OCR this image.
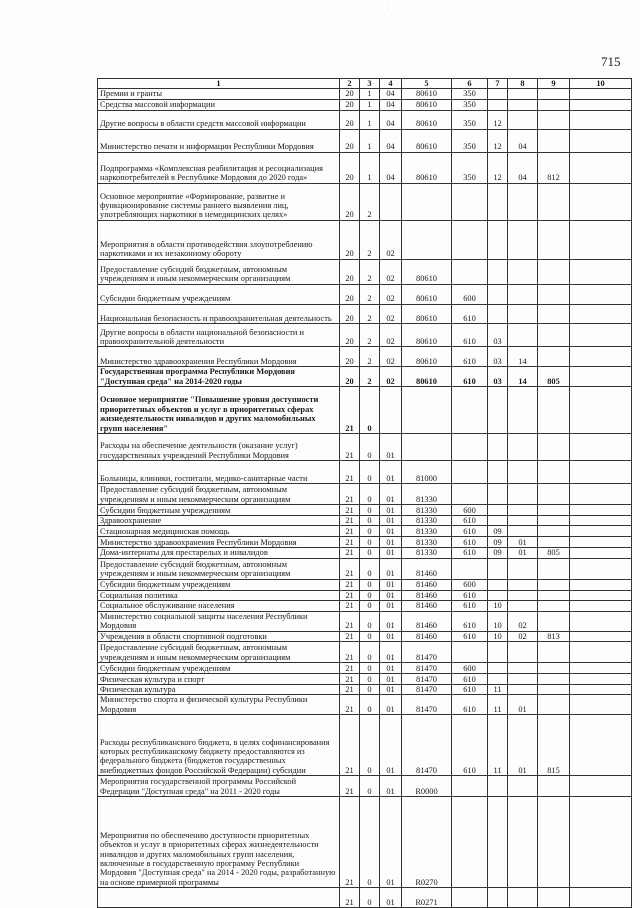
· · ·
715
1	2	3	4	5	6	7	8	9	10	
Премии и гранты	20	1	04	80610	350					
Средства массовой информации	20	1	04	80610	350					
Другие вопросы в области средств массовой информации	20	1	04	80610	350	12				
Министерство печати и информации Республики Мордовия	20	1	04	80610	350	12	04			
Подпрограмма «Комплексная реабилитация и ресоциализация наркопотребителей в Республике Мордовия до 2020 года»	20	1	04	80610	350	12	04	812		
Основное мероприятие «Формирование, развитие и функционирование системы раннего выявления лиц, употребляющих наркотики в немедицинских целях»	20	2								
Мероприятия в области противодействия злоупотреблению наркотиками и их незаконному обороту	20	2	02							
Предоставление субсидий бюджетным, автономным учреждениям и иным некоммерческим организациям	20	2	02	80610						
Субсидии бюджетным учреждениям	20	2	02	80610	600					
Национальная безопасность и правоохранительная деятельность	20	2	02	80610	610					
Другие вопросы в области национальной безопасности и правоохранительной деятельности	20	2	02	80610	610	03				
Министерство здравоохранения Республики Мордовия	20	2	02	80610	610	03	14			
Государственная программа Республики Мордовия "Доступная среда" на 2014-2020 годы	20	2	02	80610	610	03	14	805		
Основное мероприятие "Повышение уровня доступности приоритетных объектов и услуг в приоритетных сферах жизнедеятельности инвалидов и других маломобильных групп населения"	21	0								
Расходы на обеспечение деятельности (оказание услуг) государственных учреждений Республики Мордовия	21	0	01							
Больницы, клиники, госпитали, медико-санитарные части	21	0	01	81000						
Предоставление субсидий бюджетным, автономным учреждениям и иным некоммерческим организациям	21	0	01	81330						
Субсидии бюджетным учреждениям	21	0	01	81330	600					
Здравоохранение	21	0	01	81330	610					
Стационарная медицинская помощь	21	0	01	81330	610	09				
Министерство здравоохранения Республики Мордовия	21	0	01	81330	610	09	01			
Дома-интернаты для престарелых и инвалидов	21	0	01	81330	610	09	01	805		
Предоставление субсидий бюджетным, автономным учреждениям и иным некоммерческим организациям	21	0	01	81460						
Субсидии бюджетным учреждениям	21	0	01	81460	600					
Социальная политика	21	0	01	81460	610					
Социальное обслуживание населения	21	0	01	81460	610	10				
Министерство социальной защиты населения Республики Мордовия	21	0	01	81460	610	10	02			
Учреждения в области спортивной подготовки	21	0	01	81460	610	10	02	813		
Предоставление субсидий бюджетным, автономным учреждениям и иным некоммерческим организациям	21	0	01	81470						
Субсидии бюджетным учреждениям	21	0	01	81470	600					
Физическая культура и спорт	21	0	01	81470	610					
Физическая культура	21	0	01	81470	610	11				
Министерство спорта и физической культуры Республики Мордовия	21	0	01	81470	610	11	01			
Расходы республиканского бюджета, в целях софинансирования которых республиканскому бюджету предоставляются из федерального бюджета (бюджетов государственных внебюджетных фондов Российской Федерации) субсидии	21	0	01	81470	610	11	01	815		
Мероприятия государственной программы Российской Федерации "Доступная среда" на 2011 - 2020 годы	21	0	01	R0000						
Мероприятия по обеспечению доступности приоритетных объектов и услуг в приоритетных сферах жизнедеятельности инвалидов и других маломобильных групп населения, включенные в государственную программу Республики Мордовия "Доступная среда" на 2014 - 2020 годы, разработанную на основе примерной программы	21	0	01	R0270						
	21	0	01	R0271						
